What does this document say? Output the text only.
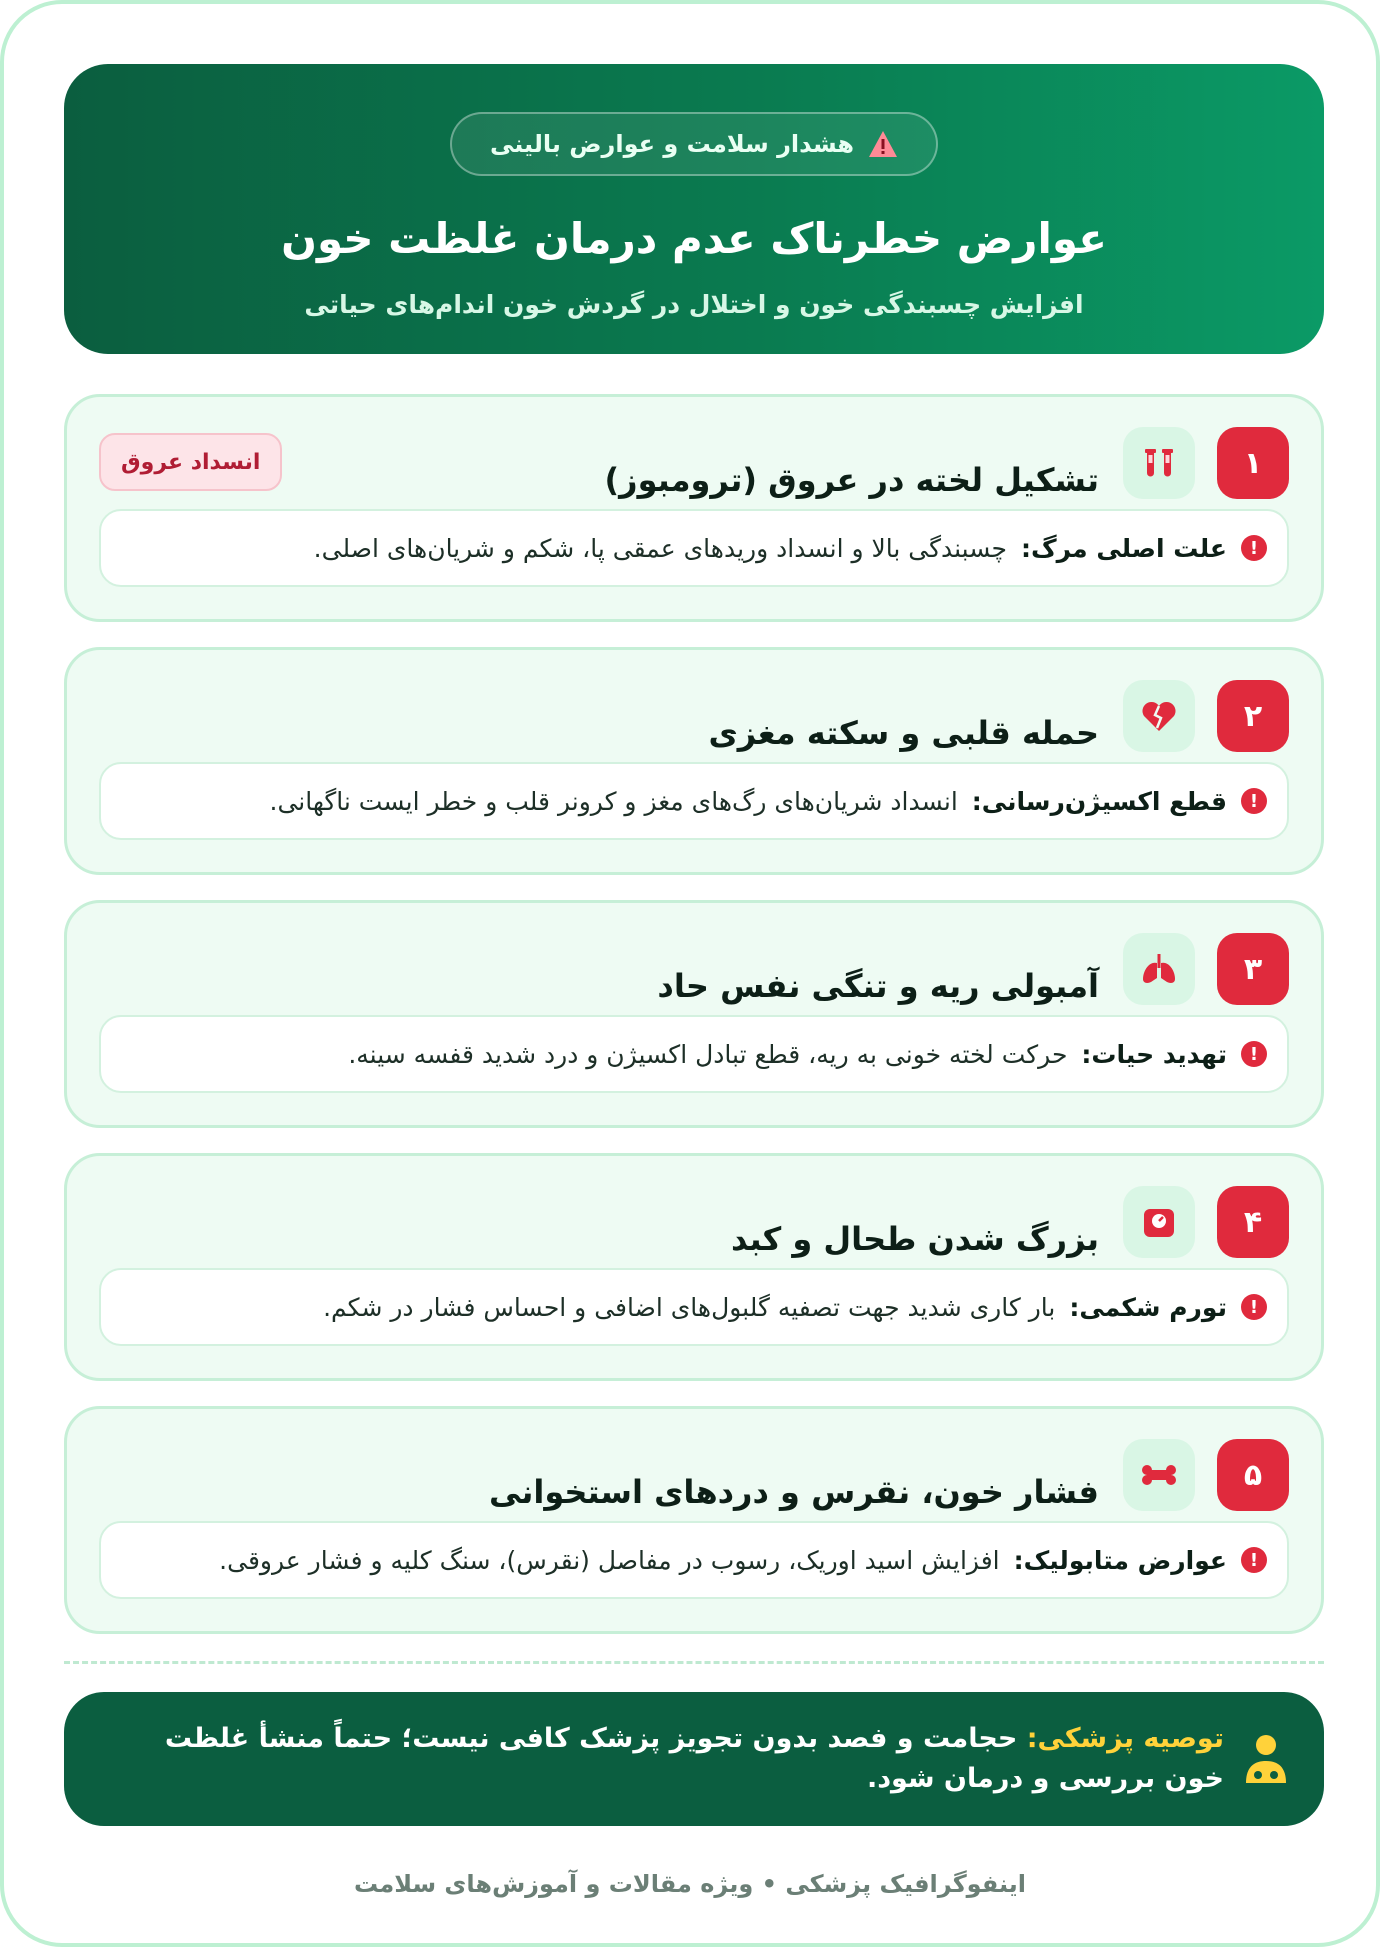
هشدار سلامت و عوارض بالینی
عوارض خطرناک عدم درمان غلظت خون
افزایش چسبندگی خون و اختلال در گردش خون اندام‌های حیاتی
۱
تشکیل لخته در عروق (ترومبوز)
انسداد عروق
!
علت اصلی مرگ:
چسبندگی بالا و انسداد وریدهای عمقی پا، شکم و شریان‌های اصلی.
۲
حمله قلبی و سکته مغزی
!
قطع اکسیژن‌رسانی:
انسداد شریان‌های رگ‌های مغز و کرونر قلب و خطر ایست ناگهانی.
۳
آمبولی ریه و تنگی نفس حاد
!
تهدید حیات:
حرکت لخته خونی به ریه، قطع تبادل اکسیژن و درد شدید قفسه سینه.
۴
بزرگ شدن طحال و کبد
!
تورم شکمی:
بار کاری شدید جهت تصفیه گلبول‌های اضافی و احساس فشار در شکم.
۵
فشار خون، نقرس و دردهای استخوانی
!
عوارض متابولیک:
افزایش اسید اوریک، رسوب در مفاصل (نقرس)، سنگ کلیه و فشار عروقی.
توصیه پزشکی: حجامت و فصد بدون تجویز پزشک کافی نیست؛ حتماً منشأ غلظت خون بررسی و درمان شود.
اینفوگرافیک پزشکی • ویژه مقالات و آموزش‌های سلامت
